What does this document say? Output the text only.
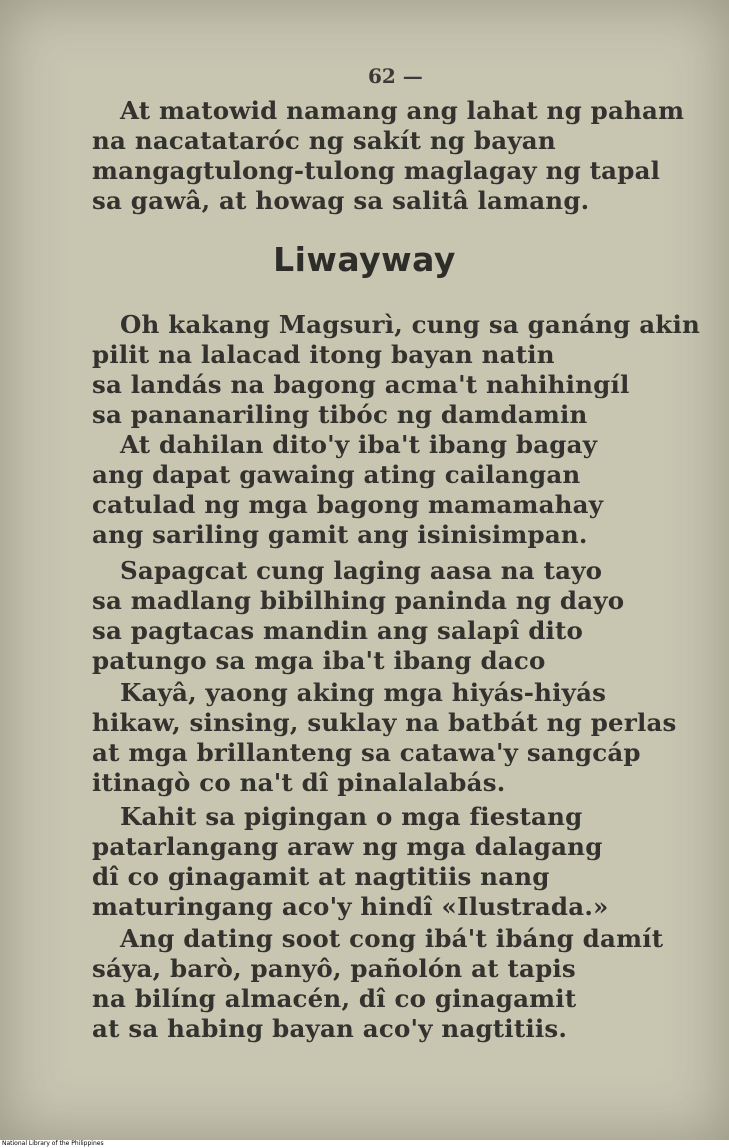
62 —
At matowid namang ang lahat ng paham
na nacatataróc ng sakít ng bayan
mangagtulong-tulong maglagay ng tapal
sa gawâ, at howag sa salitâ lamang.
Liwayway
Oh kakang Magsurì, cung sa ganáng akin
pilit na lalacad itong bayan natin
sa landás na bagong acma't nahihingíl
sa pananariling tibóc ng damdamin
At dahilan dito'y iba't ibang bagay
ang dapat gawaing ating cailangan
catulad ng mga bagong mamamahay
ang sariling gamit ang isinisimpan.
Sapagcat cung laging aasa na tayo
sa madlang bibilhing paninda ng dayo
sa pagtacas mandin ang salapî dito
patungo sa mga iba't ibang daco
Kayâ, yaong aking mga hiyás-hiyás
hikaw, sinsing, suklay na batbát ng perlas
at mga brillanteng sa catawa'y sangcáp
itinagò co na't dî pinalalabás.
Kahit sa pigingan o mga fiestang
patarlangang araw ng mga dalagang
dî co ginagamit at nagtitiis nang
maturingang aco'y hindî «Ilustrada.»
Ang dating soot cong ibá't ibáng damít
sáya, barò, panyô, pañolón at tapis
na bilíng almacén, dî co ginagamit
at sa habing bayan aco'y nagtitiis.
National Library of the Philippines
